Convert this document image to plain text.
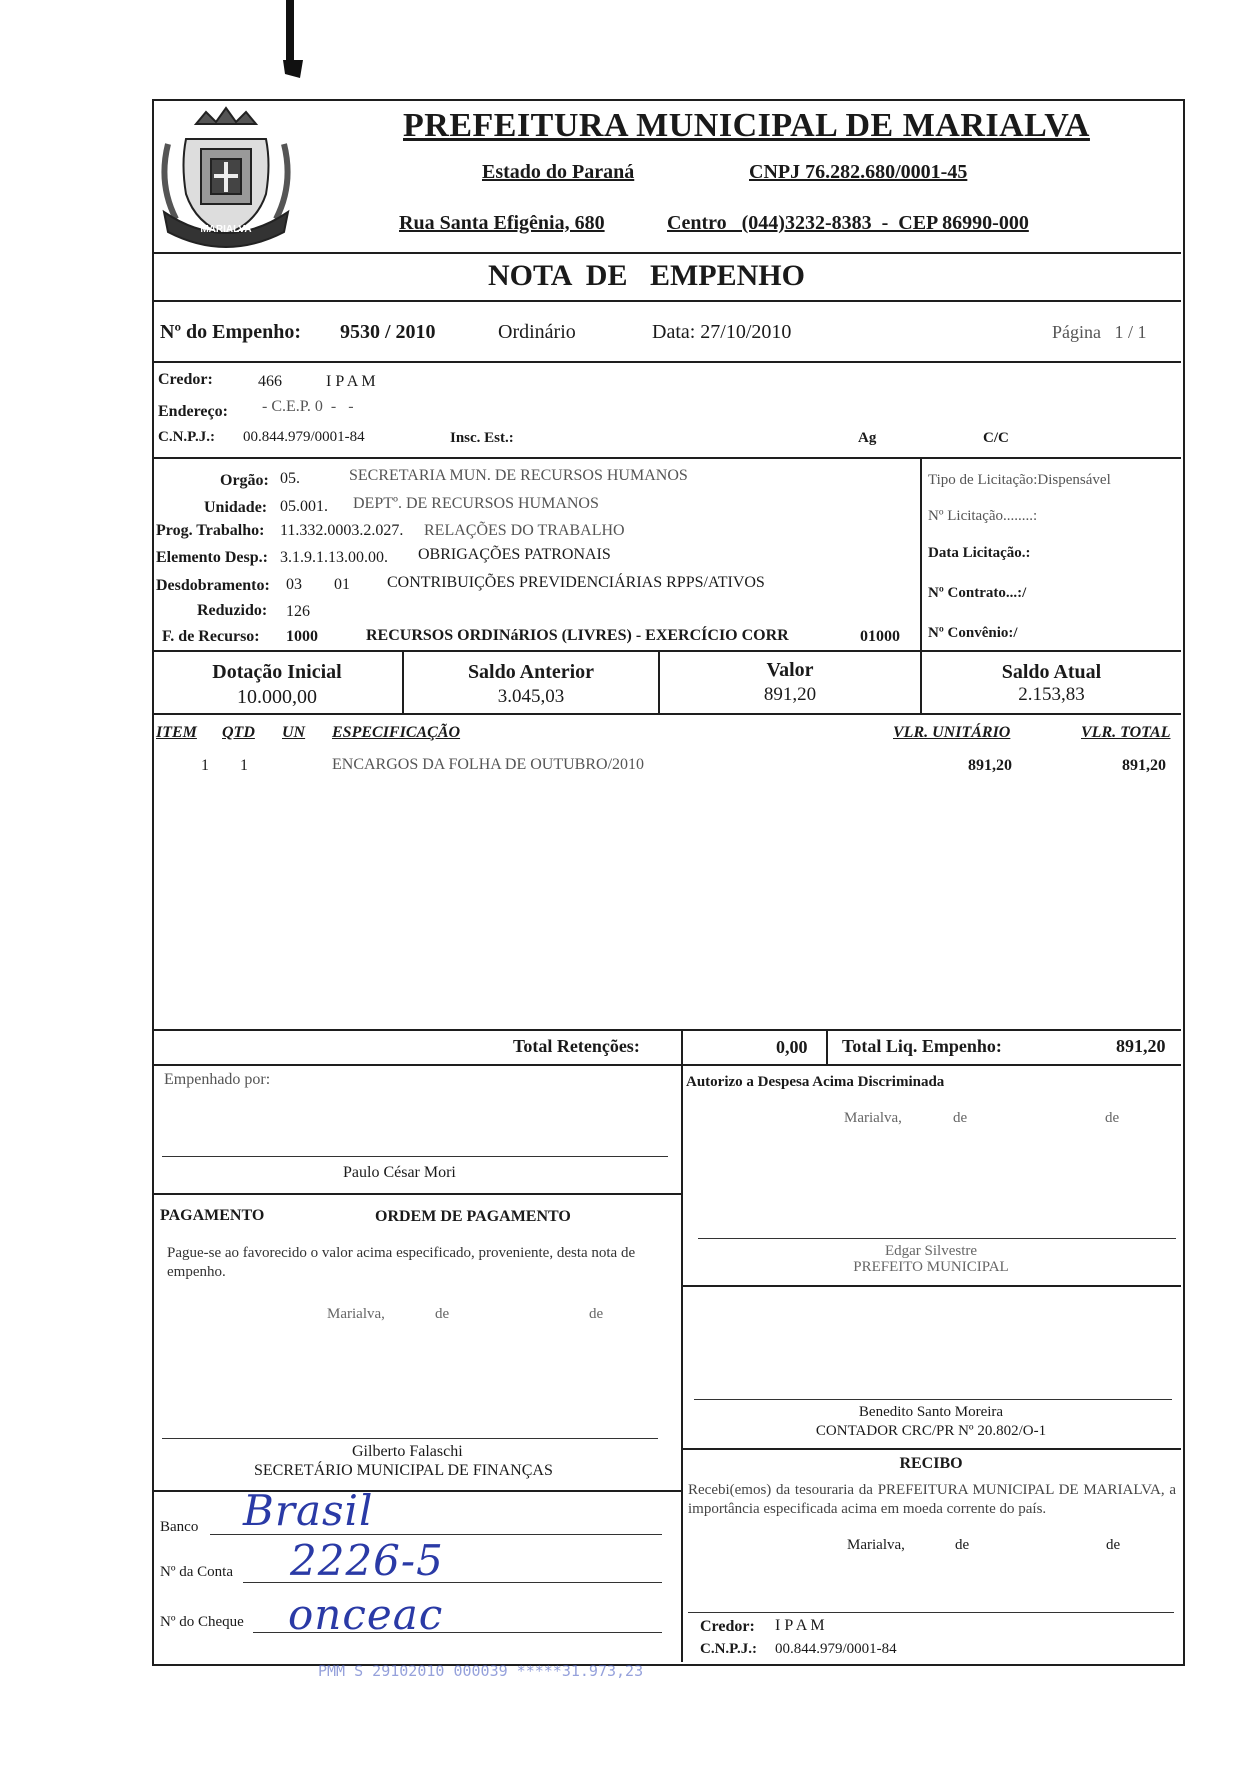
MARIALVA
PREFEITURA MUNICIPAL DE MARIALVA
Estado do Paraná	CNPJ 76.282.680/0001-45
Rua Santa Efigênia, 680	Centro   (044)3232-8383  -  CEP 86990-000
NOTA  DE   EMPENHO
Nº do Empenho: 9530 / 2010	Ordinário	Data: 27/10/2010	Página   1 / 1
Credor:	466	I P A M
Endereço: - C.E.P. 0  -   -
C.N.P.J.: 00.844.979/0001-84	Insc. Est.:	Ag	C/C
Orgão: 05.	SECRETARIA MUN. DE RECURSOS HUMANOS
Unidade: 05.001. DEPTº. DE RECURSOS HUMANOS
Prog. Trabalho: 11.332.0003.2.027. RELAÇÕES DO TRABALHO
Elemento Desp.: 3.1.9.1.13.00.00. OBRIGAÇÕES PATRONAIS
Desdobramento: 03 01 CONTRIBUIÇÕES PREVIDENCIÁRIAS RPPS/ATIVOS
Reduzido: 126
F. de Recurso: 1000	RECURSOS ORDINáRIOS (LIVRES) - EXERCÍCIO CORR	01000
Tipo de Licitação:Dispensável
Nº Licitação........:
Data Licitação.:
Nº Contrato...:/
Nº Convênio:/
Dotação Inicial
10.000,00
Saldo Anterior
3.045,03
Valor
891,20
Saldo Atual
2.153,83
ITEM QTD UN ESPECIFICAÇÃO	VLR. UNITÁRIO	VLR. TOTAL
1 1	ENCARGOS DA FOLHA DE OUTUBRO/2010	891,20	891,20
Total Retenções:	0,00 Total Liq. Empenho:	891,20
Empenhado por:
Paulo César Mori
PAGAMENTO	ORDEM DE PAGAMENTO
Pague-se ao favorecido o valor acima especificado, proveniente, desta nota de empenho.
Marialva,	de	de
Gilberto Falaschi
SECRETÁRIO MUNICIPAL DE FINANÇAS
Banco Brasil
Nº da Conta 2226-5
Nº do Cheque onceac
Autorizo a Despesa Acima Discriminada
Marialva,	de	de
Edgar Silvestre
PREFEITO MUNICIPAL
Benedito Santo Moreira
CONTADOR CRC/PR Nº 20.802/O-1
RECIBO
Recebi(emos) da tesouraria da PREFEITURA MUNICIPAL DE MARIALVA, a importância especificada acima em moeda corrente do país.
Marialva,	de	de
Credor: I P A M
C.N.P.J.: 00.844.979/0001-84
PMM S 29102010 000039 *****31.973,23
